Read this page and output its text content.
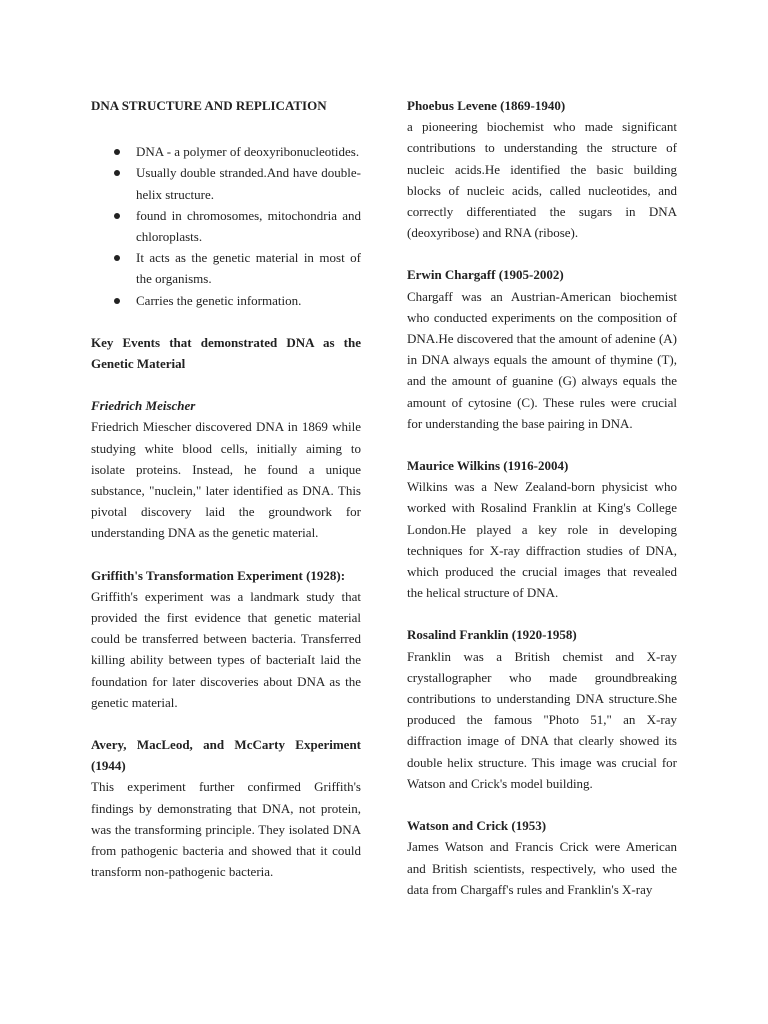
DNA STRUCTURE AND REPLICATION

DNA - a polymer of deoxyribonucleotides.
Usually double stranded.And have double-helix structure.
found in chromosomes, mitochondria and chloroplasts.
It acts as the genetic material in most of the organisms.
Carries the genetic information.

Key Events that demonstrated DNA as the Genetic Material

Friedrich Meischer

Friedrich Miescher discovered DNA in 1869 while studying white blood cells, initially aiming to isolate proteins. Instead, he found a unique substance, "nuclein," later identified as DNA. This pivotal discovery laid the groundwork for understanding DNA as the genetic material.

Griffith's Transformation Experiment (1928):

Griffith's experiment was a landmark study that provided the first evidence that genetic material could be transferred between bacteria. Transferred killing ability between types of bacteriaIt laid the foundation for later discoveries about DNA as the genetic material.

Avery, MacLeod, and McCarty Experiment (1944)

This experiment further confirmed Griffith's findings by demonstrating that DNA, not protein, was the transforming principle. They isolated DNA from pathogenic bacteria and showed that it could transform non-pathogenic bacteria.

Phoebus Levene (1869-1940)

a pioneering biochemist who made significant contributions to understanding the structure of nucleic acids.He identified the basic building blocks of nucleic acids, called nucleotides, and correctly differentiated the sugars in DNA (deoxyribose) and RNA (ribose).

Erwin Chargaff (1905-2002)

Chargaff was an Austrian-American biochemist who conducted experiments on the composition of DNA.He discovered that the amount of adenine (A) in DNA always equals the amount of thymine (T), and the amount of guanine (G) always equals the amount of cytosine (C). These rules were crucial for understanding the base pairing in DNA.

Maurice Wilkins (1916-2004)

Wilkins was a New Zealand-born physicist who worked with Rosalind Franklin at King's College London.He played a key role in developing techniques for X-ray diffraction studies of DNA, which produced the crucial images that revealed the helical structure of DNA.

Rosalind Franklin (1920-1958)

Franklin was a British chemist and X-ray crystallographer who made groundbreaking contributions to understanding DNA structure.She produced the famous "Photo 51," an X-ray diffraction image of DNA that clearly showed its double helix structure. This image was crucial for Watson and Crick's model building.

Watson and Crick (1953)

James Watson and Francis Crick were American and British scientists, respectively, who used the data from Chargaff's rules and Franklin's X-ray
